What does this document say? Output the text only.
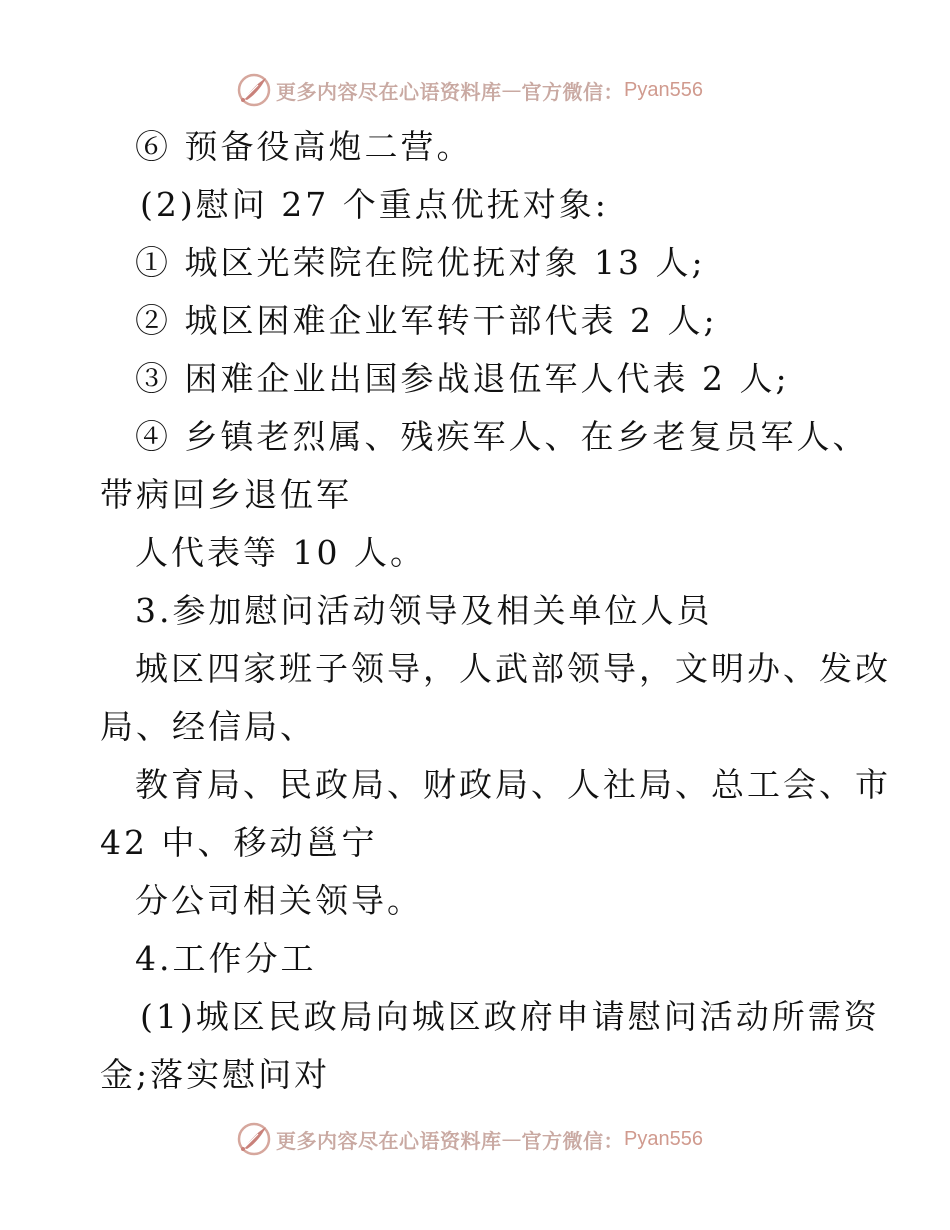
更多内容尽在心语资料库 — 官方微信： Pyan556
⑥ 预备役高炮二营。
(2)慰问 27 个重点优抚对象:
① 城区光荣院在院优抚对象 13 人;
② 城区困难企业军转干部代表 2 人;
③ 困难企业出国参战退伍军人代表 2 人;
④ 乡镇老烈属、残疾军人、在乡老复员军人、
带病回乡退伍军
人代表等 10 人。
3.参加慰问活动领导及相关单位人员
城区四家班子领导，人武部领导，文明办、发改
局、经信局、
教育局、民政局、财政局、人社局、总工会、市
42 中、移动邕宁
分公司相关领导。
4.工作分工
(1)城区民政局向城区政府申请慰问活动所需资
金;落实慰问对
更多内容尽在心语资料库 — 官方微信： Pyan556
